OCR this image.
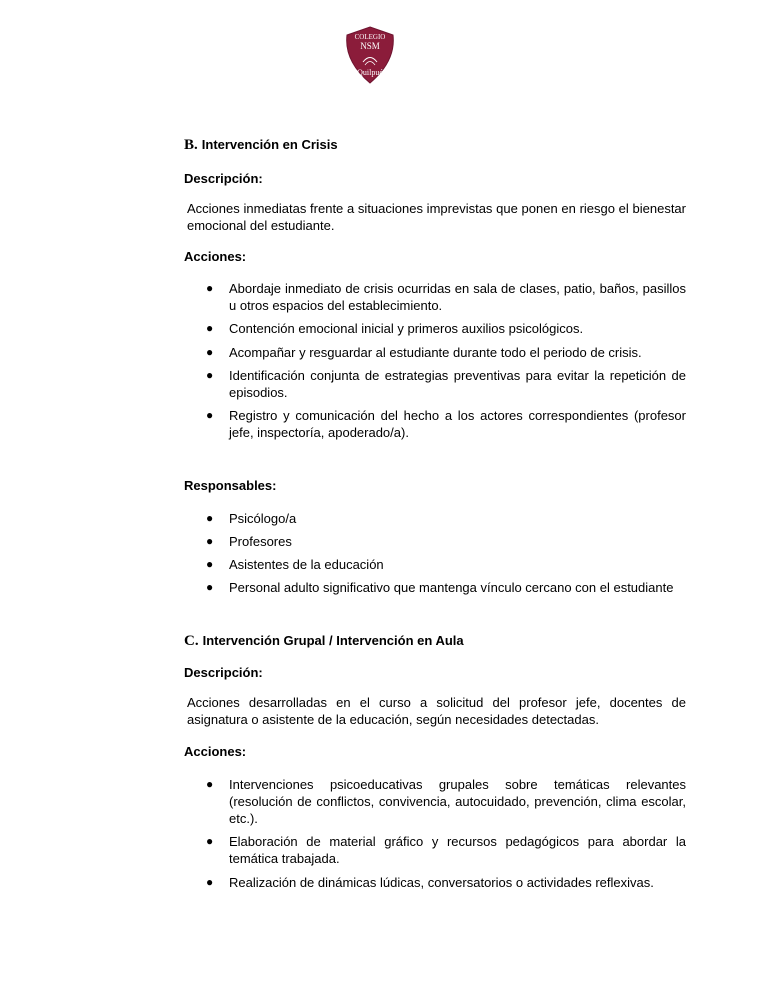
COLEGIO
NSM
Quilpué
B. Intervención en Crisis
Descripción:
Acciones inmediatas frente a situaciones imprevistas que ponen en riesgo el bienestar emocional del estudiante.
Acciones:
● Abordaje inmediato de crisis ocurridas en sala de clases, patio, baños, pasillos u otros espacios del establecimiento.
● Contención emocional inicial y primeros auxilios psicológicos.
● Acompañar y resguardar al estudiante durante todo el periodo de crisis.
● Identificación conjunta de estrategias preventivas para evitar la repetición de episodios.
● Registro y comunicación del hecho a los actores correspondientes (profesor jefe, inspectoría, apoderado/a).
Responsables:
● Psicólogo/a
● Profesores
● Asistentes de la educación
● Personal adulto significativo que mantenga vínculo cercano con el estudiante
C. Intervención Grupal / Intervención en Aula
Descripción:
Acciones desarrolladas en el curso a solicitud del profesor jefe, docentes de asignatura o asistente de la educación, según necesidades detectadas.
Acciones:
● Intervenciones psicoeducativas grupales sobre temáticas relevantes (resolución de conflictos, convivencia, autocuidado, prevención, clima escolar, etc.).
● Elaboración de material gráfico y recursos pedagógicos para abordar la temática trabajada.
● Realización de dinámicas lúdicas, conversatorios o actividades reflexivas.
